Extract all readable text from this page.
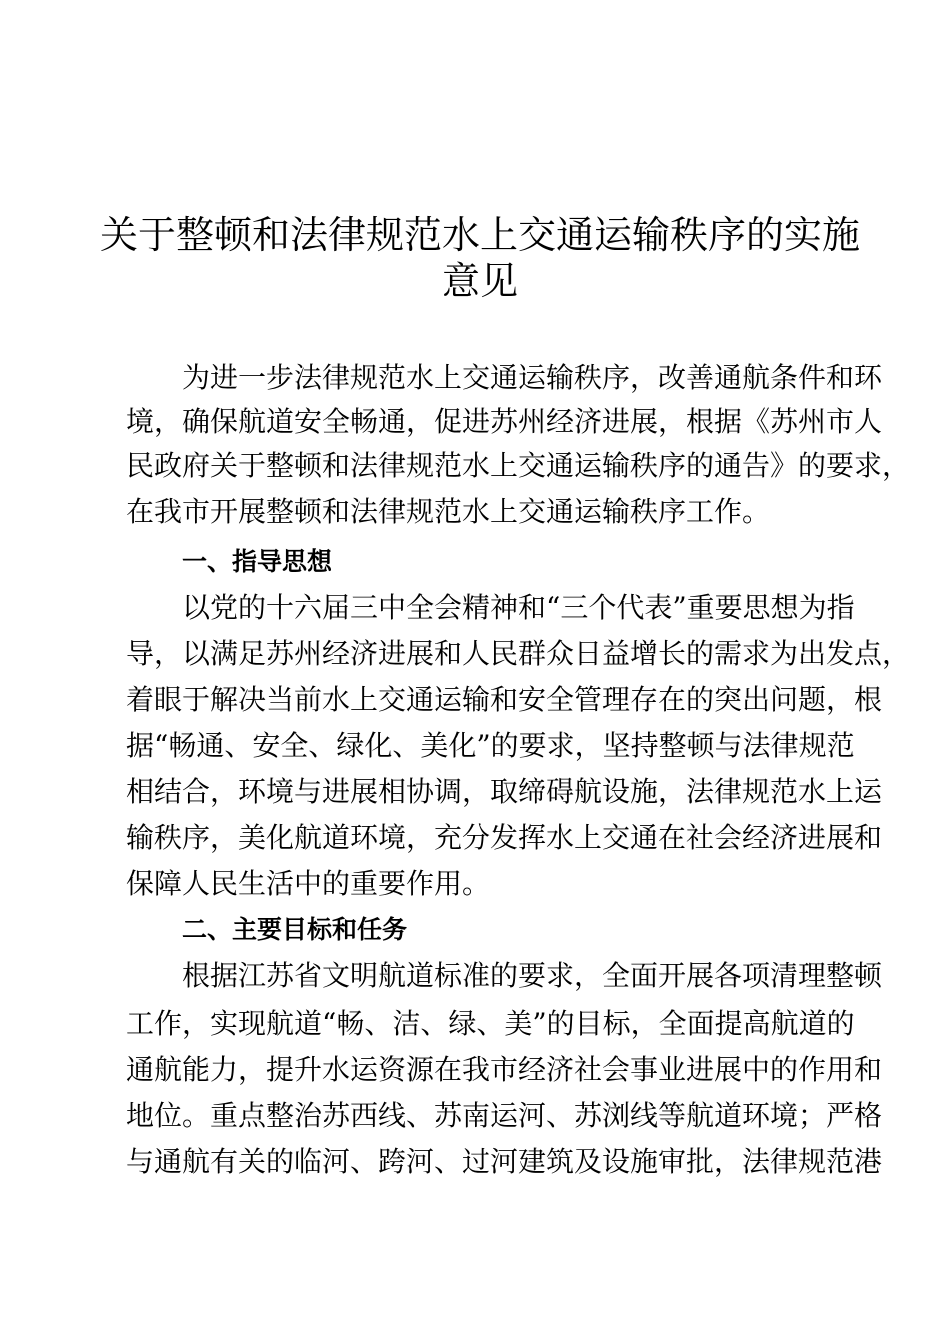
关于整顿和法律规范水上交通运输秩序的实施
意见
为进一步法律规范水上交通运输秩序，改善通航条件和环
境，确保航道安全畅通，促进苏州经济进展，根据《苏州市人
民政府关于整顿和法律规范水上交通运输秩序的通告》的要求，
在我市开展整顿和法律规范水上交通运输秩序工作。
一、指导思想
以党的十六届三中全会精神和“三个代表”重要思想为指
导，以满足苏州经济进展和人民群众日益增长的需求为出发点，
着眼于解决当前水上交通运输和安全管理存在的突出问题，根
据“畅通、安全、绿化、美化”的要求，坚持整顿与法律规范
相结合，环境与进展相协调，取缔碍航设施，法律规范水上运
输秩序，美化航道环境，充分发挥水上交通在社会经济进展和
保障人民生活中的重要作用。
二、主要目标和任务
根据江苏省文明航道标准的要求，全面开展各项清理整顿
工作，实现航道“畅、洁、绿、美”的目标，全面提高航道的
通航能力，提升水运资源在我市经济社会事业进展中的作用和
地位。重点整治苏西线、苏南运河、苏浏线等航道环境；严格
与通航有关的临河、跨河、过河建筑及设施审批，法律规范港
